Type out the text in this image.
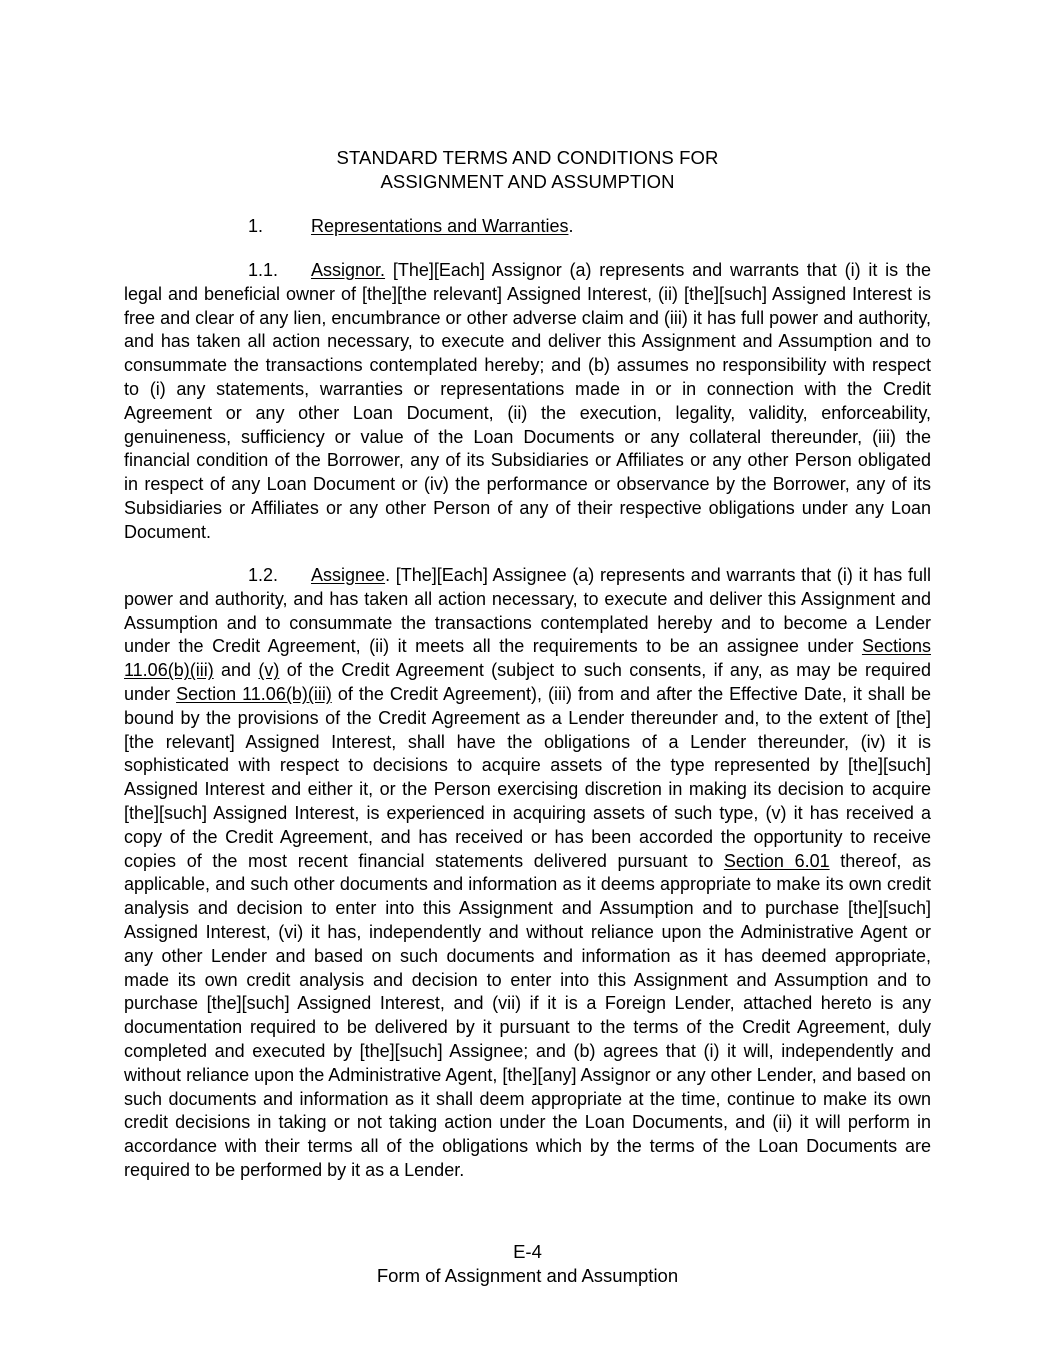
STANDARD TERMS AND CONDITIONS FOR
ASSIGNMENT AND ASSUMPTION
1.	Representations and Warranties.
1.1. Assignor. [The][Each] Assignor (a) represents and warrants that (i) it is the legal and beneficial owner of [the][the relevant] Assigned Interest, (ii) [the][such] Assigned Interest is free and clear of any lien, encumbrance or other adverse claim and (iii) it has full power and authority, and has taken all action necessary, to execute and deliver this Assignment and Assumption and to consummate the transactions contemplated hereby; and (b) assumes no responsibility with respect to (i) any statements, warranties or representations made in or in connection with the Credit Agreement or any other Loan Document, (ii) the execution, legality, validity, enforceability, genuineness, sufficiency or value of the Loan Documents or any collateral thereunder, (iii) the financial condition of the Borrower, any of its Subsidiaries or Affiliates or any other Person obligated in respect of any Loan Document or (iv) the performance or observance by the Borrower, any of its Subsidiaries or Affiliates or any other Person of any of their respective obligations under any Loan Document.
1.2. Assignee. [The][Each] Assignee (a) represents and warrants that (i) it has full power and authority, and has taken all action necessary, to execute and deliver this Assignment and Assumption and to consummate the transactions contemplated hereby and to become a Lender under the Credit Agreement, (ii) it meets all the requirements to be an assignee under Sections 11.06(b)(iii) and (v) of the Credit Agreement (subject to such consents, if any, as may be required under Section 11.06(b)(iii) of the Credit Agreement), (iii) from and after the Effective Date, it shall be bound by the provisions of the Credit Agreement as a Lender thereunder and, to the extent of [the][the relevant] Assigned Interest, shall have the obligations of a Lender thereunder, (iv) it is sophisticated with respect to decisions to acquire assets of the type represented by [the][such] Assigned Interest and either it, or the Person exercising discretion in making its decision to acquire [the][such] Assigned Interest, is experienced in acquiring assets of such type, (v) it has received a copy of the Credit Agreement, and has received or has been accorded the opportunity to receive copies of the most recent financial statements delivered pursuant to Section 6.01 thereof, as applicable, and such other documents and information as it deems appropriate to make its own credit analysis and decision to enter into this Assignment and Assumption and to purchase [the][such] Assigned Interest, (vi) it has, independently and without reliance upon the Administrative Agent or any other Lender and based on such documents and information as it has deemed appropriate, made its own credit analysis and decision to enter into this Assignment and Assumption and to purchase [the][such] Assigned Interest, and (vii) if it is a Foreign Lender, attached hereto is any documentation required to be delivered by it pursuant to the terms of the Credit Agreement, duly completed and executed by [the][such] Assignee; and (b) agrees that (i) it will, independently and without reliance upon the Administrative Agent, [the][any] Assignor or any other Lender, and based on such documents and information as it shall deem appropriate at the time, continue to make its own credit decisions in taking or not taking action under the Loan Documents, and (ii) it will perform in accordance with their terms all of the obligations which by the terms of the Loan Documents are required to be performed by it as a Lender.
E-4
Form of Assignment and Assumption
